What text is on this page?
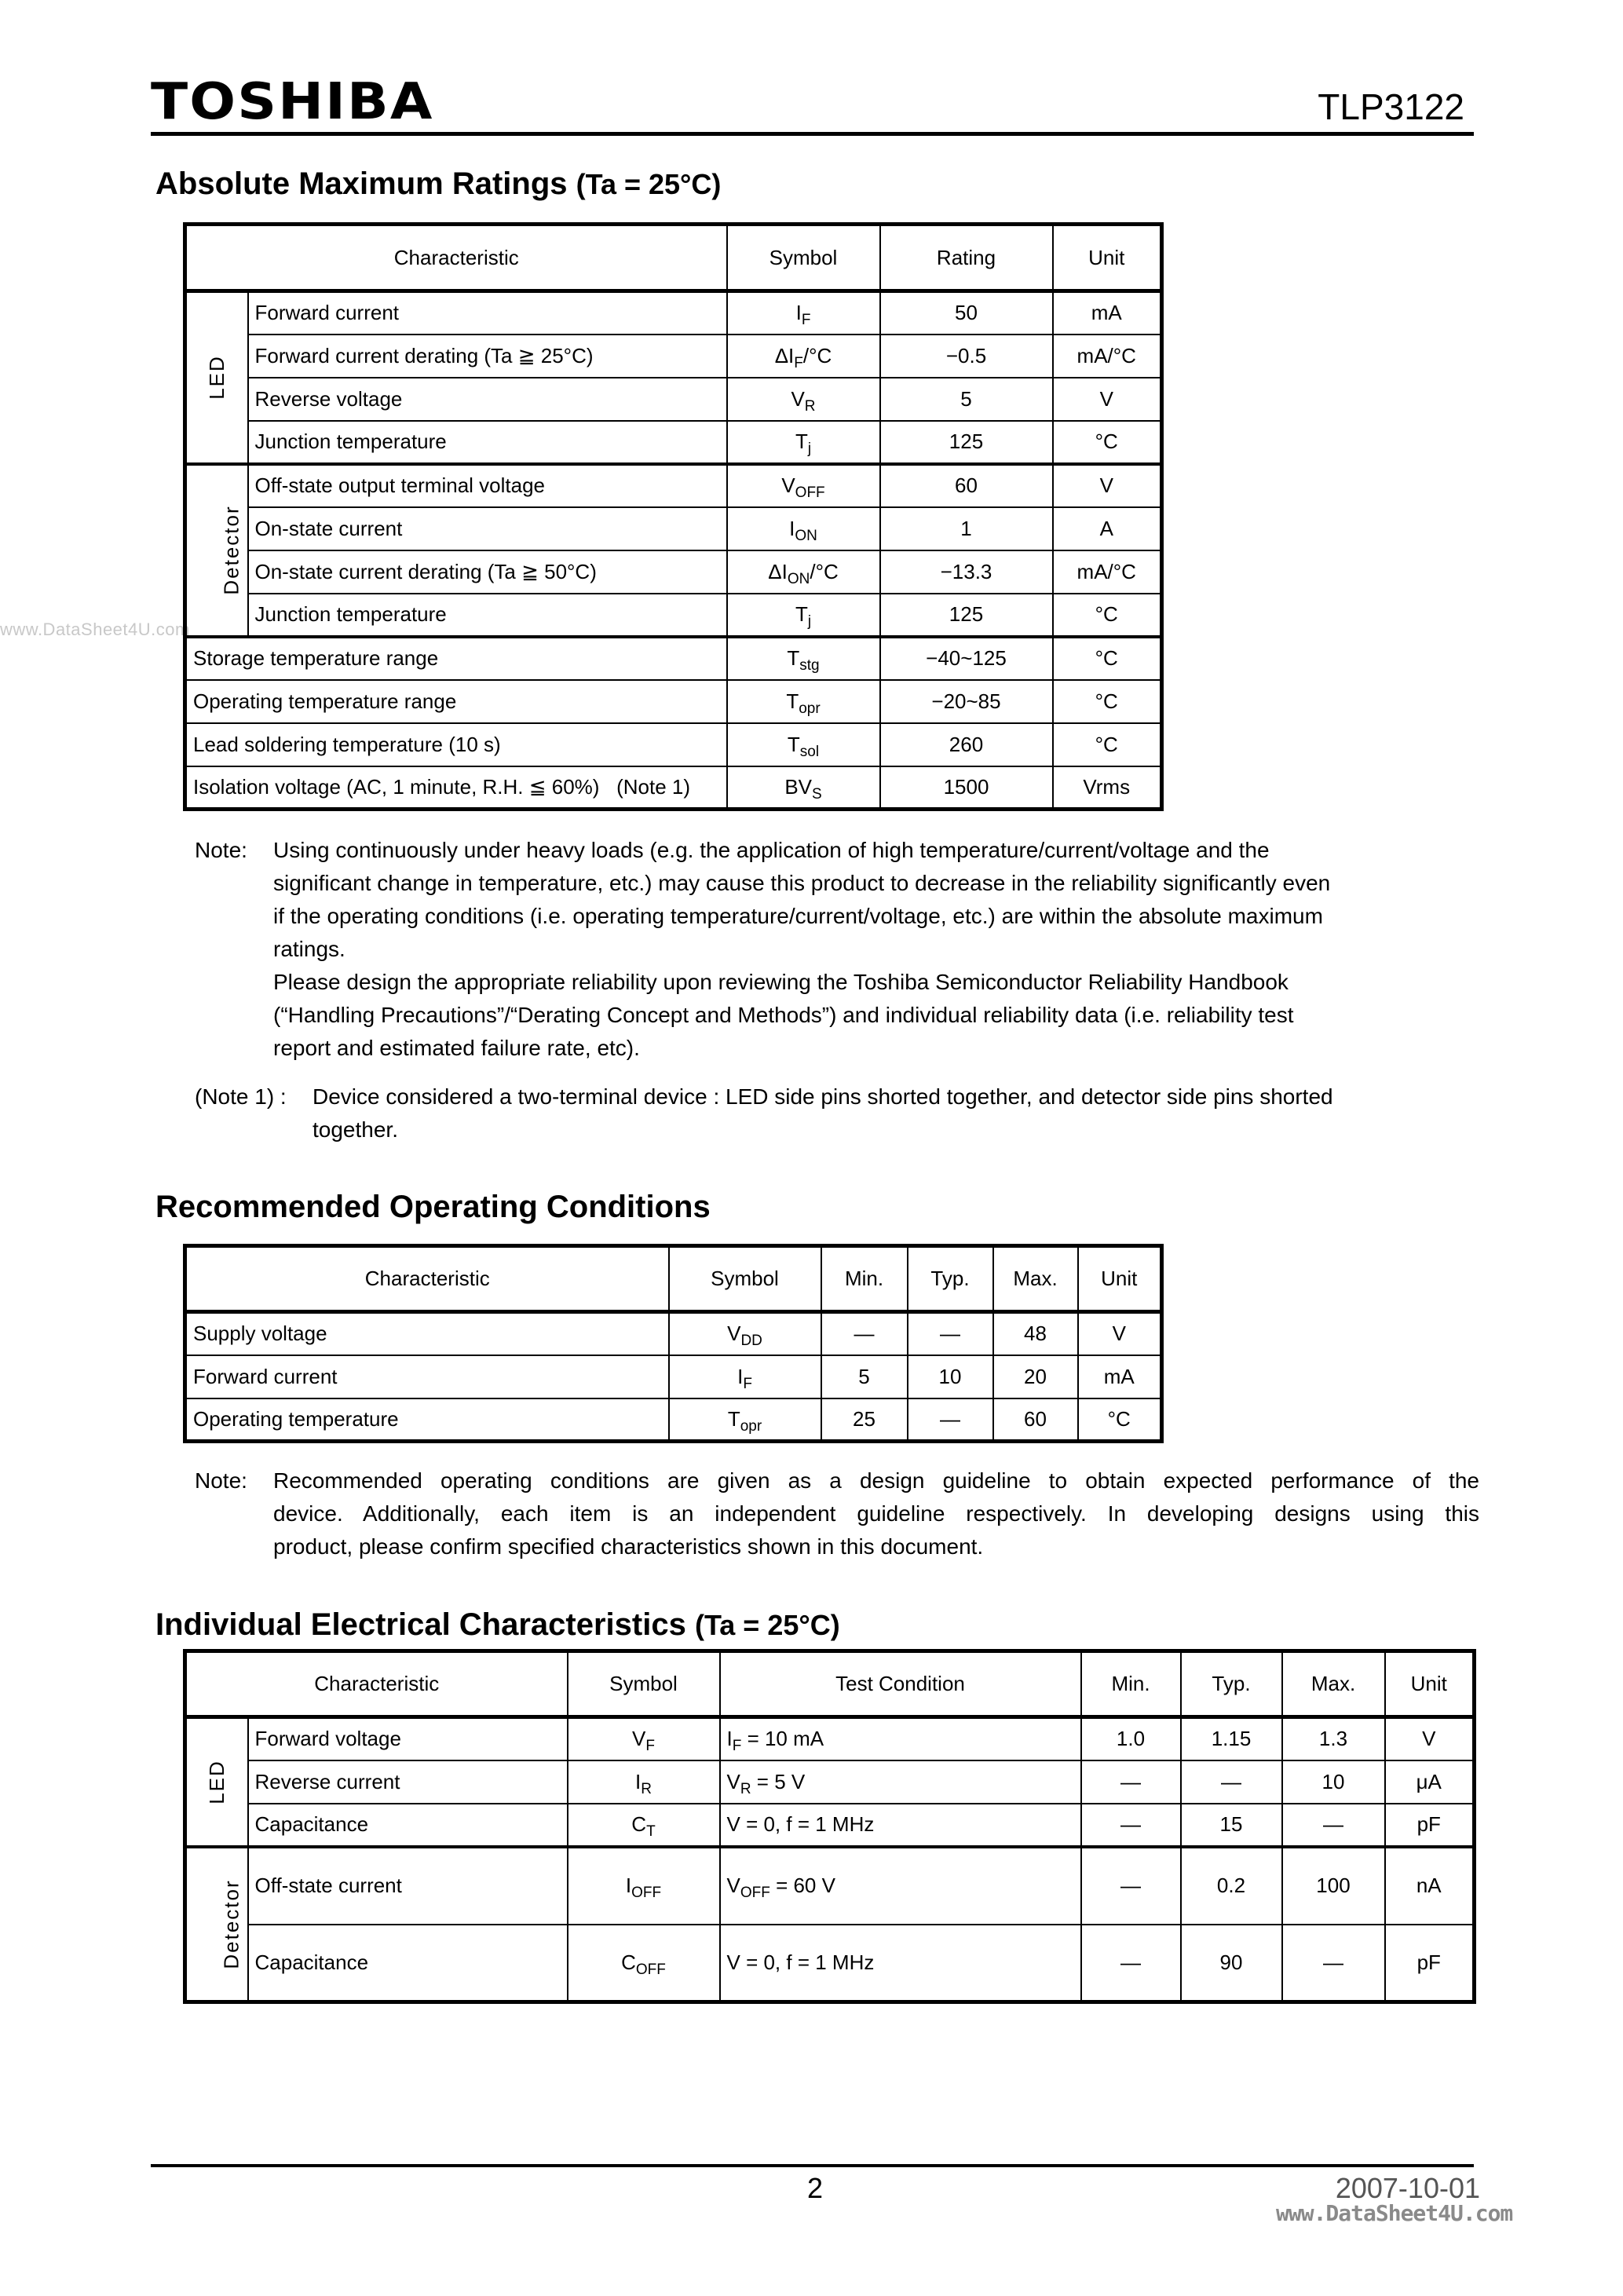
TOSHIBA	TLP3122
www.DataSheet4U.com
Absolute Maximum Ratings (Ta = 25°C)
Characteristic		Symbol	Rating	Unit
LED	Forward current	$I_F$	50	mA
	Forward current derating (Ta ≧ 25°C)	$\Delta I_F/^\circ C$	−0.5	mA/°C
	Reverse voltage	$V_R$	5	V
	Junction temperature	$T_j$	125	°C
Detector	Off-state output terminal voltage	$V_{OFF}$	60	V
	On-state current	$I_{ON}$	1	A
	On-state current derating (Ta ≧ 50°C)	$\Delta I_{ON}/^\circ C$	−13.3	mA/°C
	Junction temperature	$T_j$	125	°C
Storage temperature range		$T_{stg}$	−40~125	°C
Operating temperature range		$T_{opr}$	−20~85	°C
Lead soldering temperature (10 s)		$T_{sol}$	260	°C
Isolation voltage (AC, 1 minute, R.H. ≦ 60%)   (Note 1)		$BV_S$	1500	Vrms
Note: Using continuously under heavy loads (e.g. the application of high temperature/current/voltage and the
significant change in temperature, etc.) may cause this product to decrease in the reliability significantly even
if the operating conditions (i.e. operating temperature/current/voltage, etc.) are within the absolute maximum
ratings.
Please design the appropriate reliability upon reviewing the Toshiba Semiconductor Reliability Handbook
(“Handling Precautions”/“Derating Concept and Methods”) and individual reliability data (i.e. reliability test
report and estimated failure rate, etc).
(Note 1) : Device considered a two-terminal device : LED side pins shorted together, and detector side pins shorted
together.
Recommended Operating Conditions
Characteristic	Symbol	Min.	Typ.	Max.	Unit
Supply voltage	$V_{DD}$	—	—	48	V
Forward current	$I_F$	5	10	20	mA
Operating temperature	$T_{opr}$	25	—	60	°C
Note: Recommended operating conditions are given as a design guideline to obtain expected performance of the
device. Additionally, each item is an independent guideline respectively. In developing designs using this
product, please confirm specified characteristics shown in this document.
Individual Electrical Characteristics (Ta = 25°C)
Characteristic		Symbol	Test Condition	Min.	Typ.	Max.	Unit
LED	Forward voltage	$V_F$	$I_F = 10$ mA	1.0	1.15	1.3	V
	Reverse current	$I_R$	$V_R = 5$ V	—	—	10	μA
	Capacitance	$C_T$	V = 0, f = 1 MHz	—	15	—	pF
Detector	Off-state current	$I_{OFF}$	$V_{OFF} = 60$ V	—	0.2	100	nA
	Capacitance	$C_{OFF}$	V = 0, f = 1 MHz	—	90	—	pF
2	2007-10-01
www.DataSheet4U.com
